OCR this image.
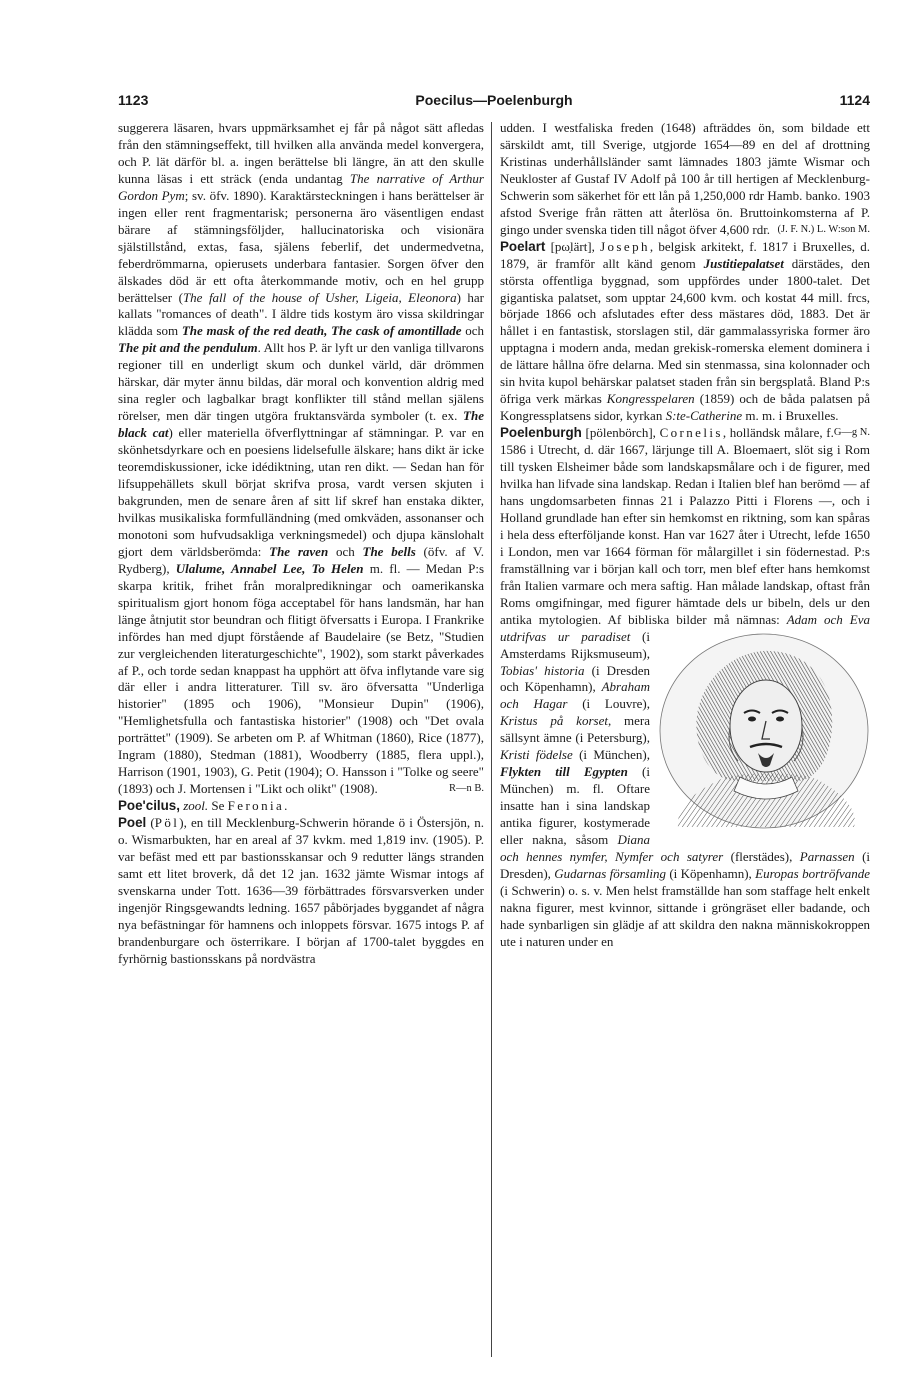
1123	Poecilus—Poelenburgh	1124

suggerera läsaren, hvars uppmärksamhet ej får på något sätt afledas från den stämningseffekt, till hvilken alla använda medel konvergera, och P. lät därför bl. a. ingen berättelse bli längre, än att den skulle kunna läsas i ett sträck (enda undantag The narrative of Arthur Gordon Pym; sv. öfv. 1890). Karaktärsteckningen i hans berättelser är ingen eller rent fragmentarisk; personerna äro väsentligen endast bärare af stämningsföljder, hallucinatoriska och visionära själstillstånd, extas, fasa, själens feberlif, det undermedvetna, feberdrömmarna, opierusets underbara fantasier. Sorgen öfver den älskades död är ett ofta återkommande motiv, och en hel grupp berättelser (The fall of the house of Usher, Ligeia, Eleonora) har kallats "romances of death". I äldre tids kostym äro vissa skildringar klädda som The mask of the red death, The cask of amontillade och The pit and the pendulum. Allt hos P. är lyft ur den vanliga tillvarons regioner till en underligt skum och dunkel värld, där drömmen härskar, där myter ännu bildas, där moral och konvention aldrig med sina regler och lagbalkar bragt konflikter till stånd mellan själens rörelser, men där tingen utgöra fruktansvärda symboler (t. ex. The black cat) eller materiella öfverflyttningar af stämningar. P. var en skönhetsdyrkare och en poesiens lidelsefulle älskare; hans dikt är icke teoremdiskussioner, icke idédiktning, utan ren dikt. — Sedan han för lifsuppehällets skull börjat skrifva prosa, vardt versen skjuten i bakgrunden, men de senare åren af sitt lif skref han enstaka dikter, hvilkas musikaliska formfulländning (med omkväden, assonanser och monotoni som hufvudsakliga verkningsmedel) och djupa känslohalt gjort dem världsberömda: The raven och The bells (öfv. af V. Rydberg), Ulalume, Annabel Lee, To Helen m. fl. — Medan P:s skarpa kritik, frihet från moralpredikningar och oamerikanska spiritualism gjort honom föga acceptabel för hans landsmän, har han länge åtnjutit stor beundran och flitigt öfversatts i Europa. I Frankrike infördes han med djupt förstående af Baudelaire (se Betz, "Studien zur vergleichenden literaturgeschichte", 1902), som starkt påverkades af P., och torde sedan knappast ha upphört att öfva inflytande vare sig där eller i andra litteraturer. Till sv. äro öfversatta "Underliga historier" (1895 och 1906), "Monsieur Dupin" (1906), "Hemlighetsfulla och fantastiska historier" (1908) och "Det ovala porträttet" (1909). Se arbeten om P. af Whitman (1860), Rice (1877), Ingram (1880), Stedman (1881), Woodberry (1885, flera uppl.), Harrison (1901, 1903), G. Petit (1904); O. Hansson i "Tolke og seere" (1893) och J. Mortensen i "Likt och olikt" (1908).	R—n B.

Poe'cilus, zool. Se Feronia.

Poel (Pöl), en till Mecklenburg-Schwerin hörande ö i Östersjön, n. o. Wismarbukten, har en areal af 37 kvkm. med 1,819 inv. (1905). P. var befäst med ett par bastionsskansar och 9 redutter längs stranden samt ett litet broverk, då det 12 jan. 1632 jämte Wismar intogs af svenskarna under Tott. 1636—39 förbättrades försvarsverken under ingenjör Ringsgewandts ledning. 1657 påbörjades byggandet af några nya befästningar för hamnens och inloppets försvar. 1675 intogs P. af brandenburgare och österrikare. I början af 1700-talet byggdes en fyrhörnig bastionsskans på nordvästra

udden. I westfaliska freden (1648) afträddes ön, som bildade ett särskildt amt, till Sverige, utgjorde 1654—89 en del af drottning Kristinas underhållsländer samt lämnades 1803 jämte Wismar och Neukloster af Gustaf IV Adolf på 100 år till hertigen af Mecklenburg-Schwerin som säkerhet för ett lån på 1,250,000 rdr Hamb. banko. 1903 afstod Sverige från rätten att återlösa ön. Bruttoinkomsterna af P. gingo under svenska tiden till något öfver 4,600 rdr. (J. F. N.) L. W:son M.

Poelart [pω̣lärt], Joseph, belgisk arkitekt, f. 1817 i Bruxelles, d. 1879, är framför allt känd genom Justitiepalatset därstädes, den största offentliga byggnad, som uppfördes under 1800-talet. Det gigantiska palatset, som upptar 24,600 kvm. och kostat 44 mill. frcs, började 1866 och afslutades efter dess mästares död, 1883. Det är hållet i en fantastisk, storslagen stil, där gammalassyriska former äro upptagna i modern anda, medan grekisk-romerska element dominera i de lättare hållna öfre delarna. Med sin stenmassa, sina kolonnader och sin hvita kupol behärskar palatset staden från sin bergsplatå. Bland P:s öfriga verk märkas Kongresspelaren (1859) och de båda palatsen på Kongressplatsens sidor, kyrkan S:te-Catherine m. m. i Bruxelles.
G—g N.

Poelenburgh [pölenbörch], Cornelis, holländsk målare, f. 1586 i Utrecht, d. där 1667, lärjunge till A. Bloemaert, slöt sig i Rom till tysken Elsheimer både som landskapsmålare och i de figurer, med hvilka han lifvade sina landskap. Redan i Italien blef han berömd — af hans ungdomsarbeten finnas 21 i Palazzo Pitti i Florens —, och i Holland grundlade han efter sin hemkomst en riktning, som kan spåras i hela dess efterföljande konst. Han var 1627 åter i Utrecht, lefde 1650 i London, men var 1664 förman för målargillet i sin födernestad. P:s framställning var i början kall och torr, men blef efter hans hemkomst från Italien varmare och mera saftig. Han målade landskap, oftast från Roms omgifningar, med figurer hämtade dels ur bibeln, dels ur den antika mytologien. Af bibliska bilder må nämnas:
Adam och Eva utdrifvas ur paradiset (i Amsterdams Rijksmuseum), Tobias' historia (i Dresden och Köpenhamn), Abraham och Hagar (i Louvre), Kristus på korset, mera sällsynt ämne (i Petersburg), Kristi födelse (i München), Flykten till Egypten (i München) m. fl. Oftare insatte han i sina landskap antika figurer, kostymerade eller nakna, såsom Diana och hennes nymfer, Nymfer och satyrer (flerstädes), Parnassen (i Dresden), Gudarnas församling (i Köpenhamn), Europas bortröfvande (i Schwerin) o. s. v. Men helst framställde han som staffage helt enkelt nakna figurer, mest kvinnor, sittande i gröngräset eller badande, och hade synbarligen sin glädje af att skildra den nakna människokroppen ute i naturen under en
